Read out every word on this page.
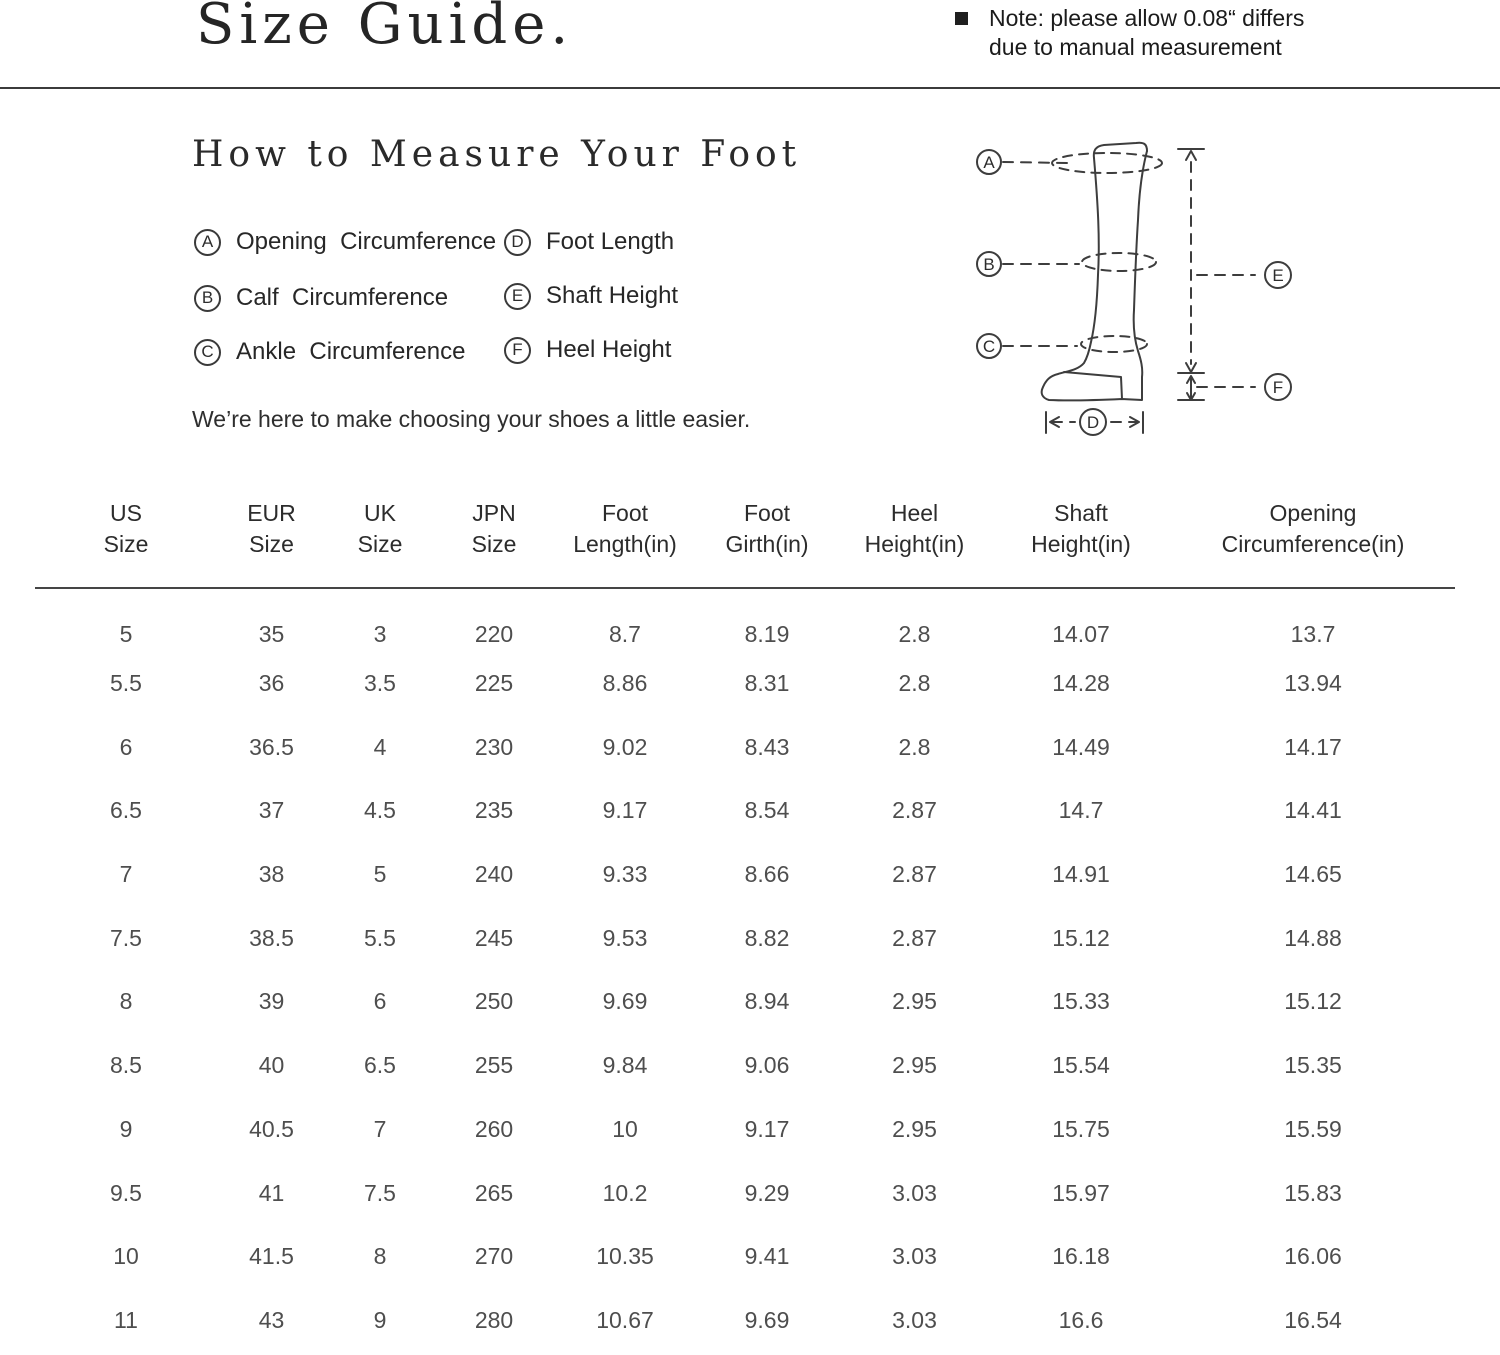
Size Guide.	Note: please allow 0.08“ differs
due to manual measurement
How to Measure Your Foot
A Opening  Circumference
B Calf  Circumference
C Ankle  Circumference
D Foot Length
E Shaft Height
F Heel Height

We’re here to make choosing your shoes a little easier.

A
B
C
D
E
F
US
Size

EUR
Size

UK
Size

JPN
Size

Foot
Length(in)

Foot
Girth(in)

Heel
Height(in)

Shaft
Height(in)

Opening
Circumference(in)

5	35	3	220	8.7	8.19	2.8	14.07	13.7
5.5	36	3.5	225	8.86	8.31	2.8	14.28	13.94
6	36.5	4	230	9.02	8.43	2.8	14.49	14.17
6.5	37	4.5	235	9.17	8.54	2.87	14.7	14.41
7	38	5	240	9.33	8.66	2.87	14.91	14.65
7.5	38.5	5.5	245	9.53	8.82	2.87	15.12	14.88
8	39	6	250	9.69	8.94	2.95	15.33	15.12
8.5	40	6.5	255	9.84	9.06	2.95	15.54	15.35
9	40.5	7	260	10	9.17	2.95	15.75	15.59
9.5	41	7.5	265	10.2	9.29	3.03	15.97	15.83
10	41.5	8	270	10.35	9.41	3.03	16.18	16.06
11	43	9	280	10.67	9.69	3.03	16.6	16.54
